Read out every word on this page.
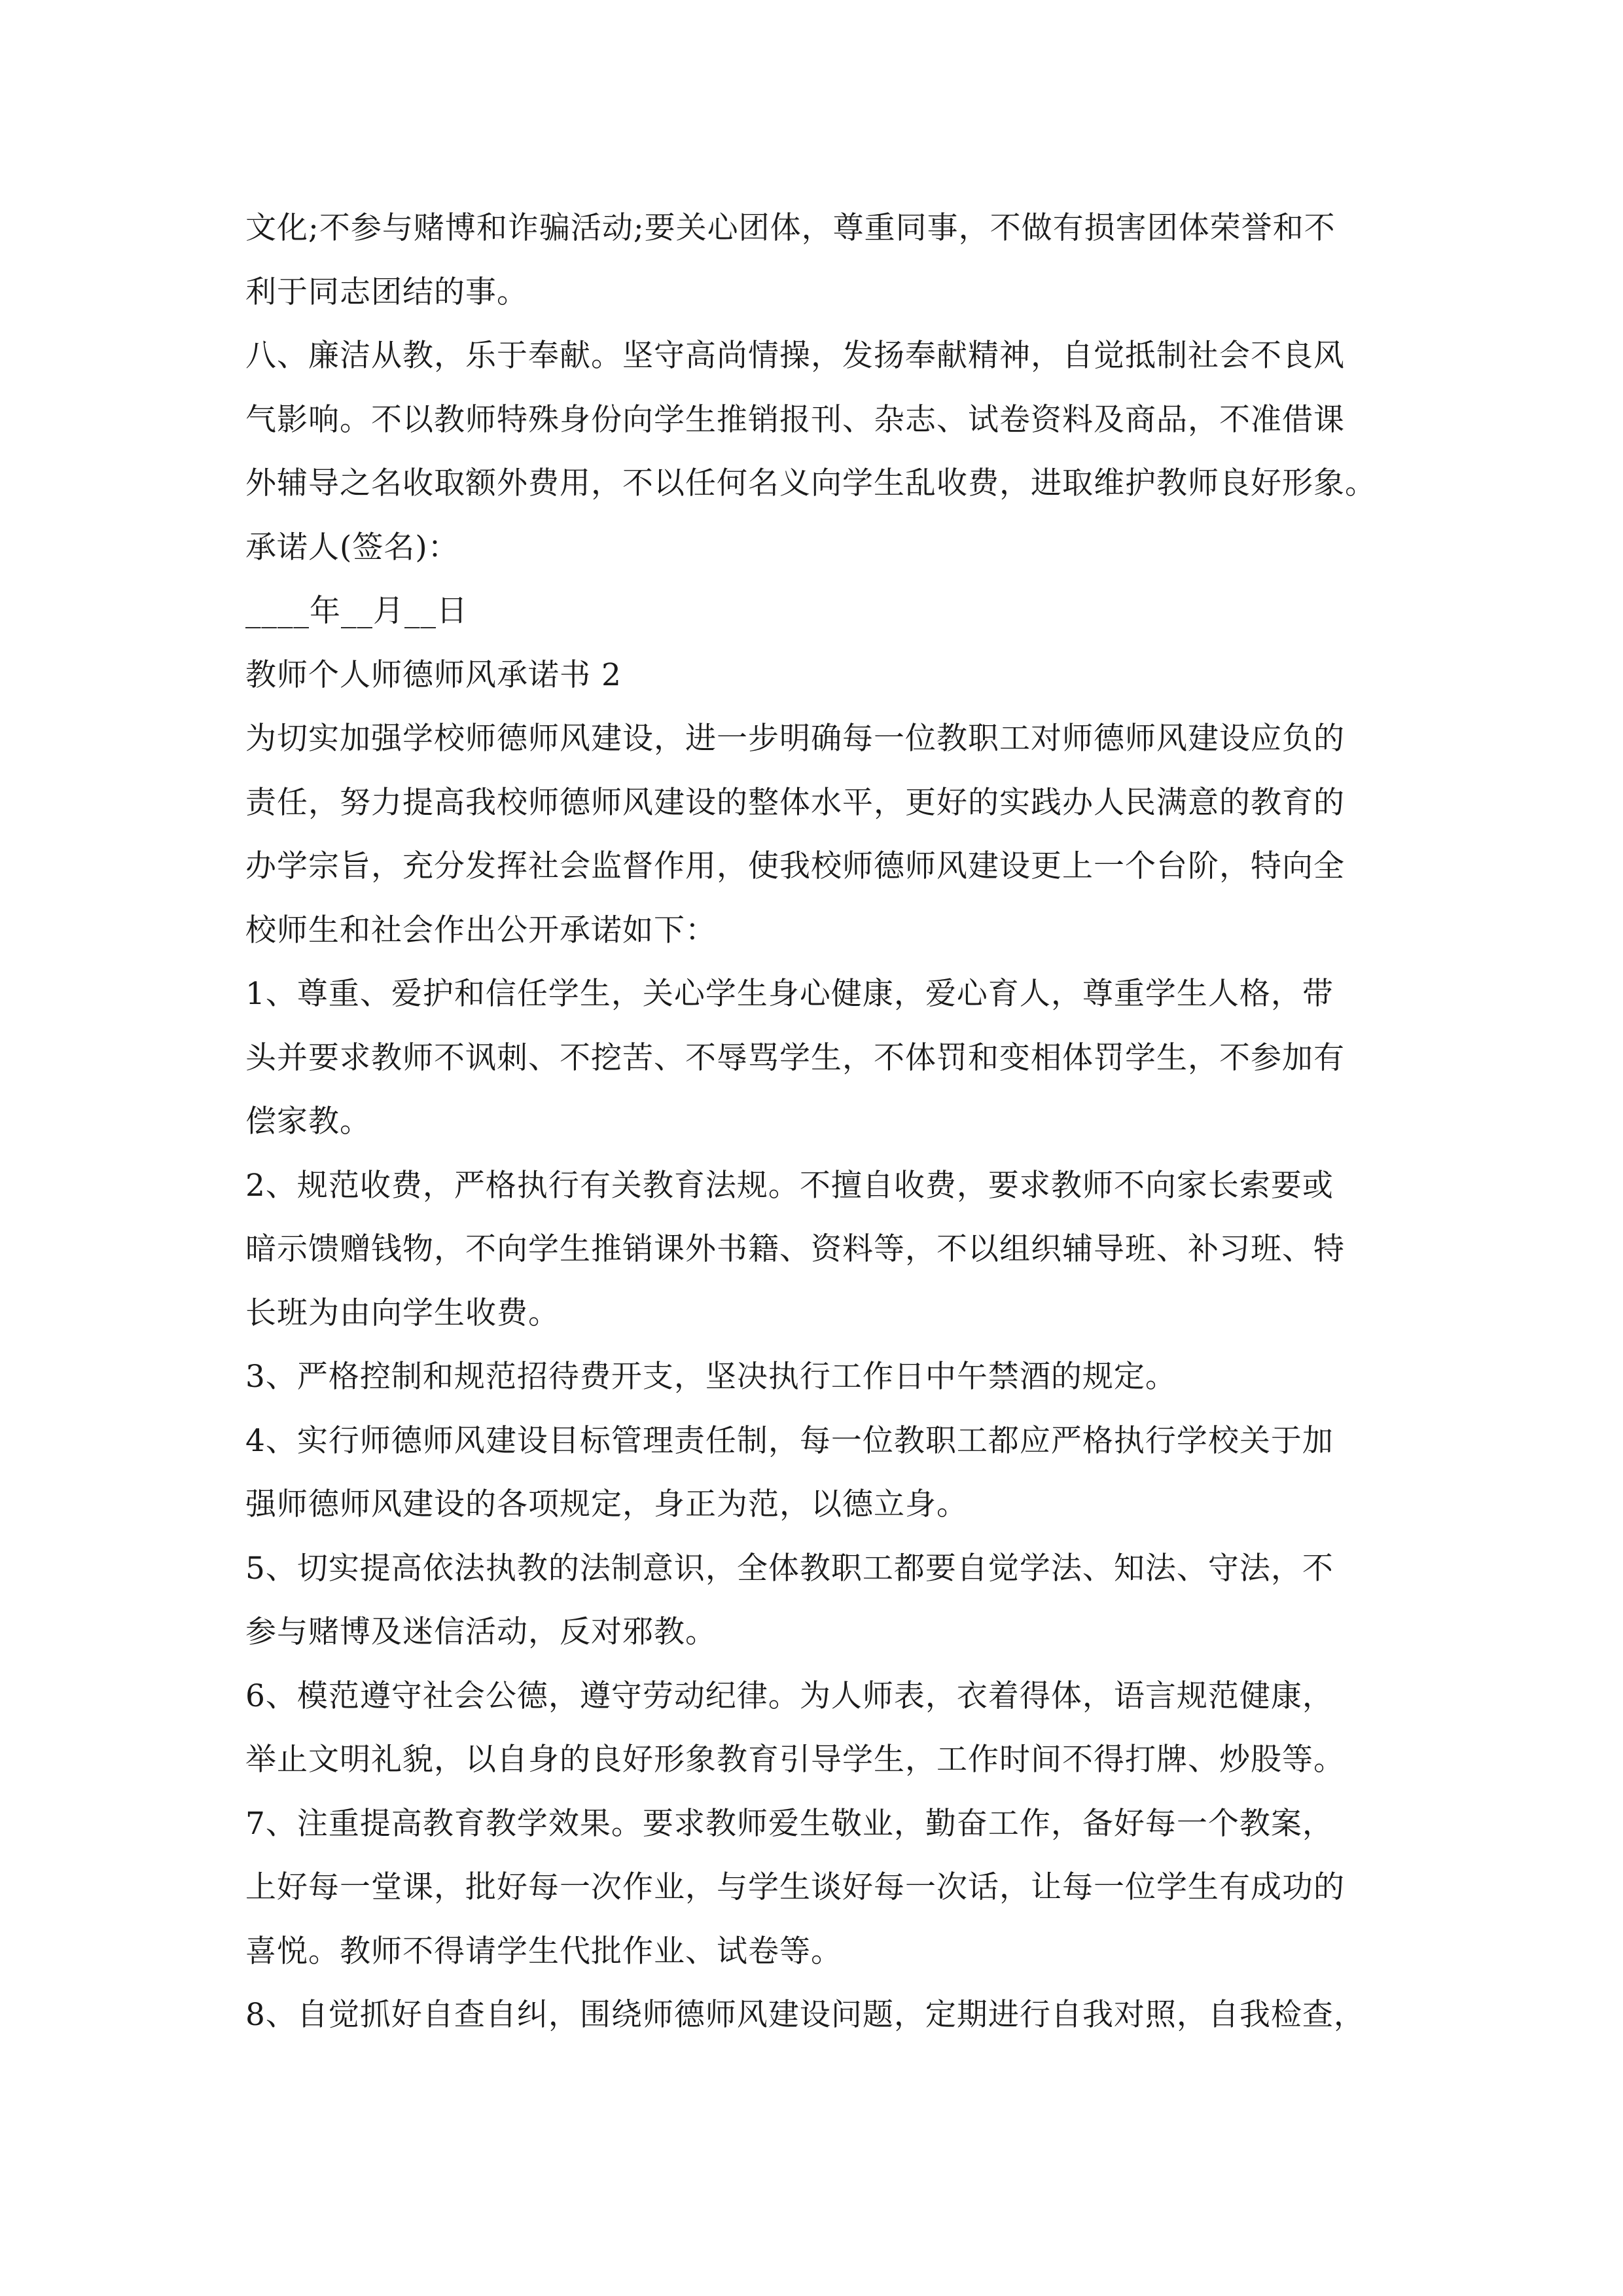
文化;不参与赌博和诈骗活动;要关心团体，尊重同事，不做有损害团体荣誉和不
利于同志团结的事。
八、廉洁从教，乐于奉献。坚守高尚情操，发扬奉献精神，自觉抵制社会不良风
气影响。不以教师特殊身份向学生推销报刊、杂志、试卷资料及商品，不准借课
外辅导之名收取额外费用，不以任何名义向学生乱收费，进取维护教师良好形象。
承诺人(签名)：
____年__月__日
教师个人师德师风承诺书 2
为切实加强学校师德师风建设，进一步明确每一位教职工对师德师风建设应负的
责任，努力提高我校师德师风建设的整体水平，更好的实践办人民满意的教育的
办学宗旨，充分发挥社会监督作用，使我校师德师风建设更上一个台阶，特向全
校师生和社会作出公开承诺如下：
1、尊重、爱护和信任学生，关心学生身心健康，爱心育人，尊重学生人格，带
头并要求教师不讽刺、不挖苦、不辱骂学生，不体罚和变相体罚学生，不参加有
偿家教。
2、规范收费，严格执行有关教育法规。不擅自收费，要求教师不向家长索要或
暗示馈赠钱物，不向学生推销课外书籍、资料等，不以组织辅导班、补习班、特
长班为由向学生收费。
3、严格控制和规范招待费开支，坚决执行工作日中午禁酒的规定。
4、实行师德师风建设目标管理责任制，每一位教职工都应严格执行学校关于加
强师德师风建设的各项规定，身正为范，以德立身。
5、切实提高依法执教的法制意识，全体教职工都要自觉学法、知法、守法，不
参与赌博及迷信活动，反对邪教。
6、模范遵守社会公德，遵守劳动纪律。为人师表，衣着得体，语言规范健康，
举止文明礼貌，以自身的良好形象教育引导学生，工作时间不得打牌、炒股等。
7、注重提高教育教学效果。要求教师爱生敬业，勤奋工作，备好每一个教案，
上好每一堂课，批好每一次作业，与学生谈好每一次话，让每一位学生有成功的
喜悦。教师不得请学生代批作业、试卷等。
8、自觉抓好自查自纠，围绕师德师风建设问题，定期进行自我对照，自我检查，
